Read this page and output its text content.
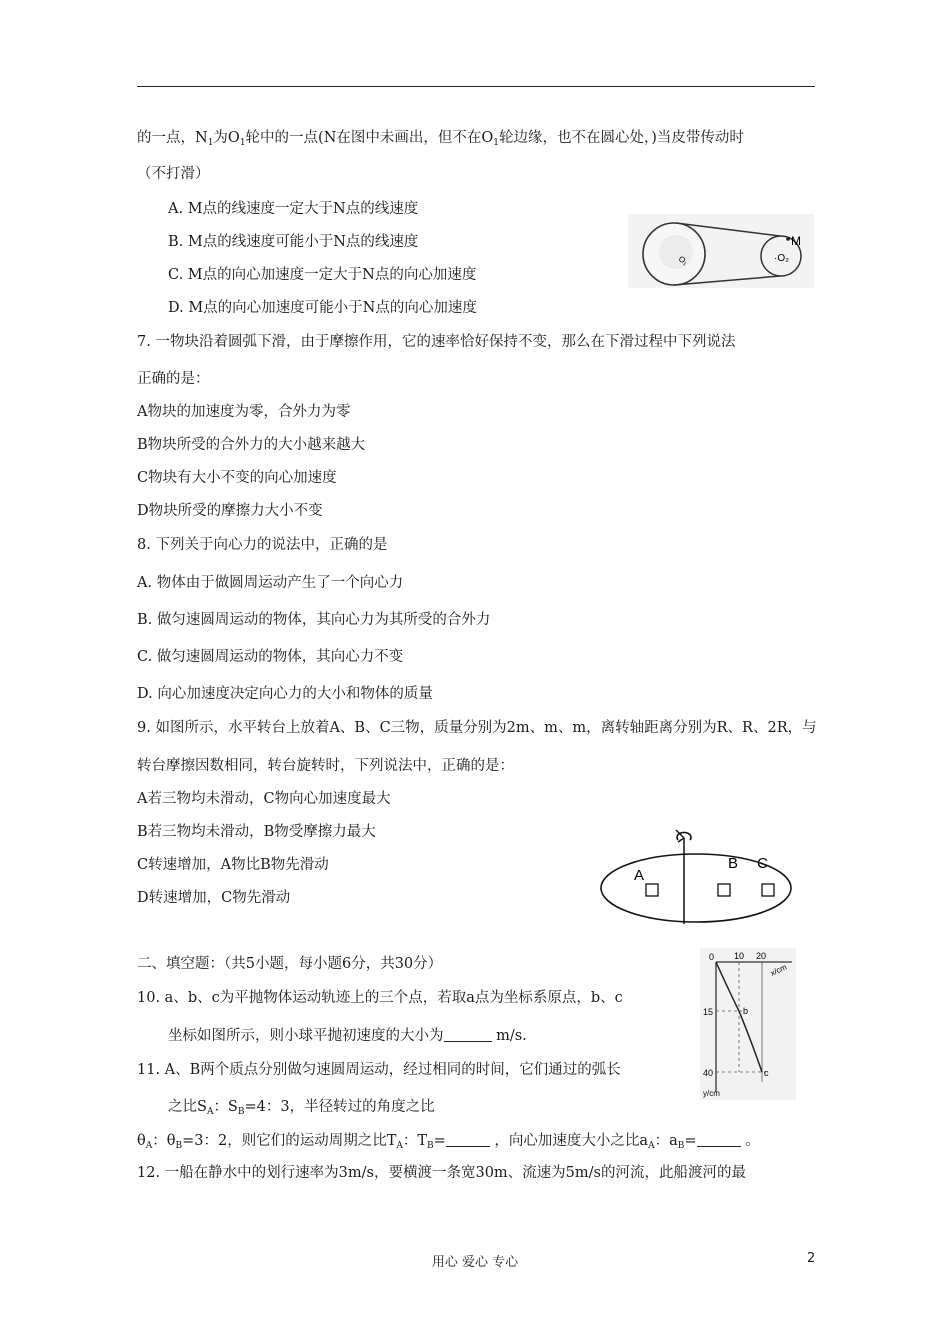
的一点，$N_1$为$O_1$轮中的一点(N在图中未画出，但不在$O_1$轮边缘，也不在圆心处，)当皮带传动时
（不打滑）
A. M点的线速度一定大于N点的线速度
B. M点的线速度可能小于N点的线速度
C. M点的向心加速度一定大于N点的向心加速度
D. M点的向心加速度可能小于N点的向心加速度
M
·O₂
O₁
7. 一物块沿着圆弧下滑，由于摩擦作用，它的速率恰好保持不变，那么在下滑过程中下列说法
正确的是：
A物块的加速度为零，合外力为零
B物块所受的合外力的大小越来越大
C物块有大小不变的向心加速度
D物块所受的摩擦力大小不变
8. 下列关于向心力的说法中，正确的是
A. 物体由于做圆周运动产生了一个向心力
B. 做匀速圆周运动的物体，其向心力为其所受的合外力
C. 做匀速圆周运动的物体，其向心力不变
D. 向心加速度决定向心力的大小和物体的质量
9. 如图所示，水平转台上放着A、B、C三物，质量分别为2m、m、m，离转轴距离分别为R、R、2R，与
转台摩擦因数相同，转台旋转时，下列说法中，正确的是：
A若三物均未滑动，C物向心加速度最大
B若三物均未滑动，B物受摩擦力最大
C转速增加，A物比B物先滑动
D转速增加，C物先滑动
A
B C
二、填空题：（共5小题，每小题6分，共30分）
10. a、b、c为平抛物体运动轨迹上的三个点，若取a点为坐标系原点，b、c
坐标如图所示，则小球平抛初速度的大小为	m/s.
0 10 20
x/cm
15
40
y/cm
b
c
11. A、B两个质点分别做匀速圆周运动，经过相同的时间，它们通过的弧长
之比$S_A$：$S_B=4$：3，半径转过的角度之比
$\theta_A$：$\theta_B=3$：2，则它们的运动周期之比$T_A$：$T_B=$	，向心加速度大小之比$a_A$：$a_B=$	。
12. 一船在静水中的划行速率为3m/s，要横渡一条宽30m、流速为5m/s的河流，此船渡河的最
用心 爱心 专心	2
